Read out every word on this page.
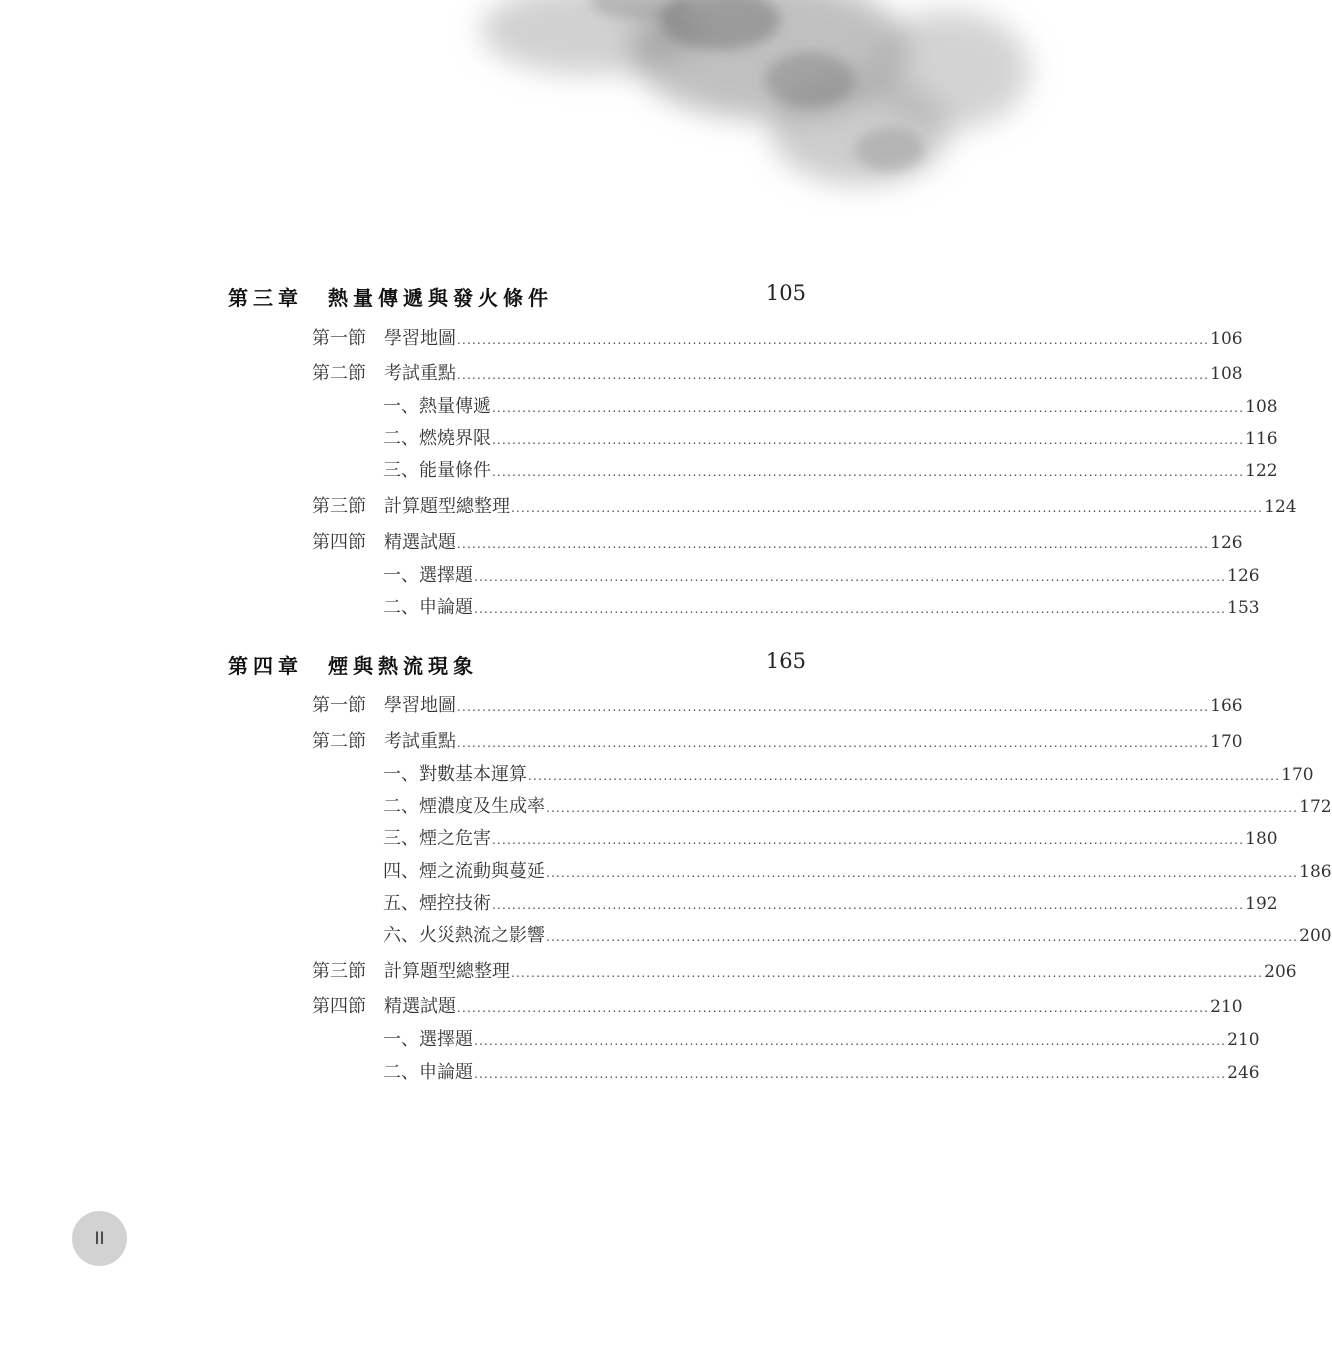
第三章　熱量傳遞與發火條件	105
第一節　學習地圖 ...................................................................................................................................................... 106
第二節　考試重點 ...................................................................................................................................................... 108
一、熱量傳遞 ...................................................................................................................................................... 108
二、燃燒界限 ...................................................................................................................................................... 116
三、能量條件 ...................................................................................................................................................... 122
第三節　計算題型總整理 ...................................................................................................................................................... 124
第四節　精選試題 ...................................................................................................................................................... 126
一、選擇題 ...................................................................................................................................................... 126
二、申論題 ...................................................................................................................................................... 153
第四章　煙與熱流現象	165
第一節　學習地圖 ...................................................................................................................................................... 166
第二節　考試重點 ...................................................................................................................................................... 170
一、對數基本運算 ...................................................................................................................................................... 170
二、煙濃度及生成率 ...................................................................................................................................................... 172
三、煙之危害 ...................................................................................................................................................... 180
四、煙之流動與蔓延 ...................................................................................................................................................... 186
五、煙控技術 ...................................................................................................................................................... 192
六、火災熱流之影響 ...................................................................................................................................................... 200
第三節　計算題型總整理 ...................................................................................................................................................... 206
第四節　精選試題 ...................................................................................................................................................... 210
一、選擇題 ...................................................................................................................................................... 210
二、申論題 ...................................................................................................................................................... 246
II
